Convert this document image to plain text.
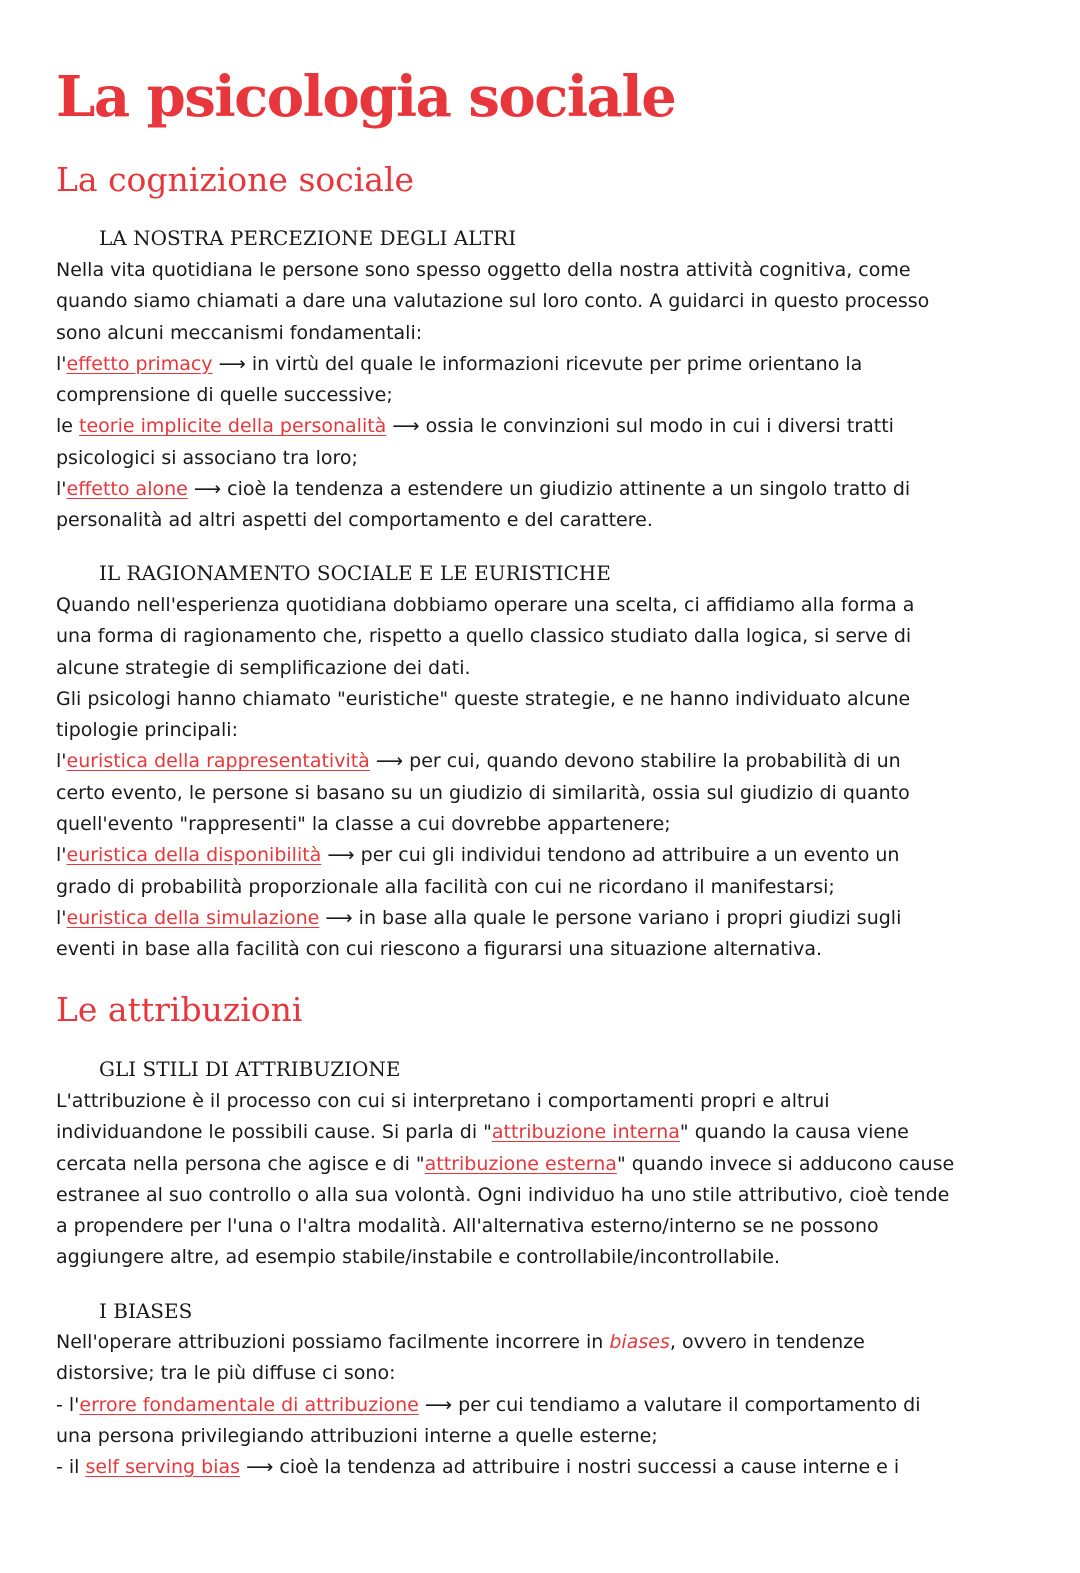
La psicologia sociale
La cognizione sociale
LA NOSTRA PERCEZIONE DEGLI ALTRI
Nella vita quotidiana le persone sono spesso oggetto della nostra attività cognitiva, come
quando siamo chiamati a dare una valutazione sul loro conto. A guidarci in questo processo
sono alcuni meccanismi fondamentali:
l'effetto primacy ⟶ in virtù del quale le informazioni ricevute per prime orientano la
comprensione di quelle successive;
le teorie implicite della personalità ⟶ ossia le convinzioni sul modo in cui i diversi tratti
psicologici si associano tra loro;
l'effetto alone ⟶ cioè la tendenza a estendere un giudizio attinente a un singolo tratto di
personalità ad altri aspetti del comportamento e del carattere.
IL RAGIONAMENTO SOCIALE E LE EURISTICHE
Quando nell'esperienza quotidiana dobbiamo operare una scelta, ci affidiamo alla forma a
una forma di ragionamento che, rispetto a quello classico studiato dalla logica, si serve di
alcune strategie di semplificazione dei dati.
Gli psicologi hanno chiamato "euristiche" queste strategie, e ne hanno individuato alcune
tipologie principali:
l'euristica della rappresentatività ⟶ per cui, quando devono stabilire la probabilità di un
certo evento, le persone si basano su un giudizio di similarità, ossia sul giudizio di quanto
quell'evento "rappresenti" la classe a cui dovrebbe appartenere;
l'euristica della disponibilità ⟶ per cui gli individui tendono ad attribuire a un evento un
grado di probabilità proporzionale alla facilità con cui ne ricordano il manifestarsi;
l'euristica della simulazione ⟶ in base alla quale le persone variano i propri giudizi sugli
eventi in base alla facilità con cui riescono a figurarsi una situazione alternativa.
Le attribuzioni
GLI STILI DI ATTRIBUZIONE
L'attribuzione è il processo con cui si interpretano i comportamenti propri e altrui
individuandone le possibili cause. Si parla di "attribuzione interna" quando la causa viene
cercata nella persona che agisce e di "attribuzione esterna" quando invece si adducono cause
estranee al suo controllo o alla sua volontà. Ogni individuo ha uno stile attributivo, cioè tende
a propendere per l'una o l'altra modalità. All'alternativa esterno/interno se ne possono
aggiungere altre, ad esempio stabile/instabile e controllabile/incontrollabile.
I BIASES
Nell'operare attribuzioni possiamo facilmente incorrere in biases, ovvero in tendenze
distorsive; tra le più diffuse ci sono:
- l'errore fondamentale di attribuzione ⟶ per cui tendiamo a valutare il comportamento di
una persona privilegiando attribuzioni interne a quelle esterne;
- il self serving bias ⟶ cioè la tendenza ad attribuire i nostri successi a cause interne e i
